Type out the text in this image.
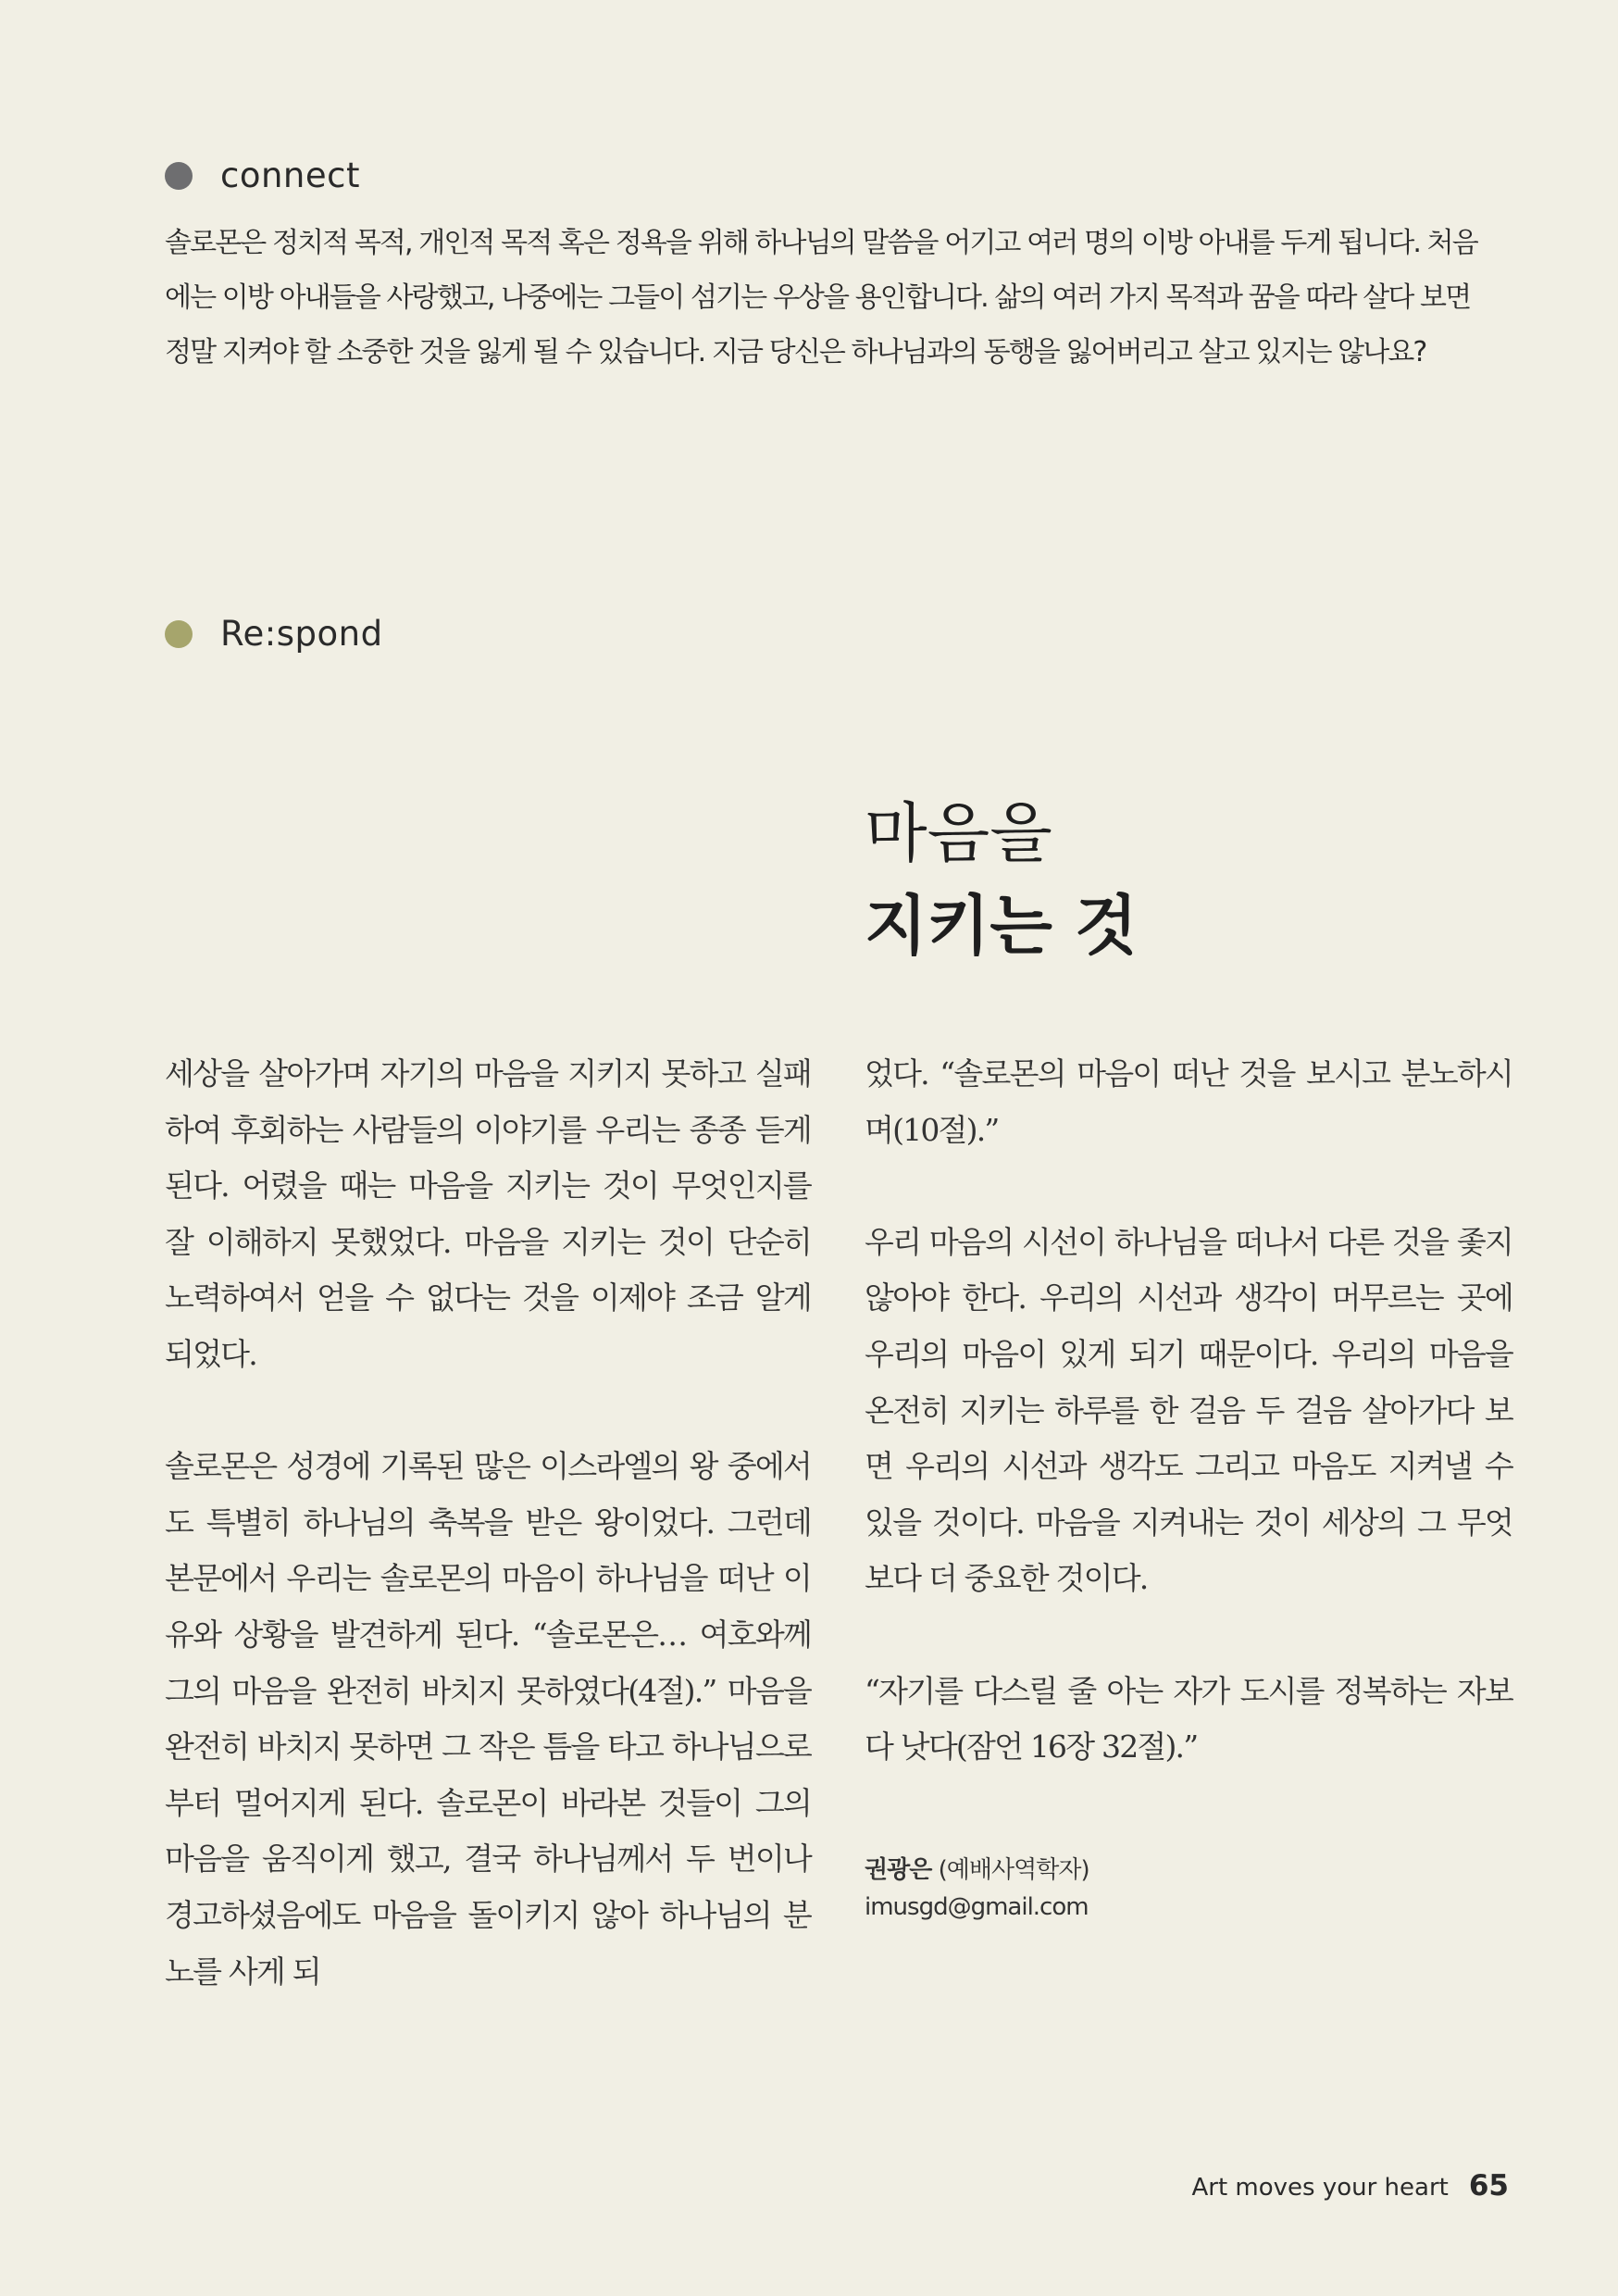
connect
솔로몬은 정치적 목적, 개인적 목적 혹은 정욕을 위해 하나님의 말씀을 어기고 여러 명의 이방 아내를 두게 됩니다. 처음
에는 이방 아내들을 사랑했고, 나중에는 그들이 섬기는 우상을 용인합니다. 삶의 여러 가지 목적과 꿈을 따라 살다 보면
정말 지켜야 할 소중한 것을 잃게 될 수 있습니다. 지금 당신은 하나님과의 동행을 잃어버리고 살고 있지는 않나요?
Re:spond
마음을
지키는 것

세상을 살아가며 자기의 마음을 지키지 못하고 실패하여 후회하는 사람들의 이야기를 우리는 종종 듣게 된다. 어렸을 때는 마음을 지키는 것이 무엇인지를 잘 이해하지 못했었다. 마음을 지키는 것이 단순히 노력하여서 얻을 수 없다는 것을 이제야 조금 알게 되었다.

솔로몬은 성경에 기록된 많은 이스라엘의 왕 중에서도 특별히 하나님의 축복을 받은 왕이었다. 그런데 본문에서 우리는 솔로몬의 마음이 하나님을 떠난 이유와 상황을 발견하게 된다. “솔로몬은… 여호와께 그의 마음을 완전히 바치지 못하였다(4절).” 마음을 완전히 바치지 못하면 그 작은 틈을 타고 하나님으로부터 멀어지게 된다. 솔로몬이 바라본 것들이 그의 마음을 움직이게 했고, 결국 하나님께서 두 번이나 경고하셨음에도 마음을 돌이키지 않아 하나님의 분노를 사게 되

었다. “솔로몬의 마음이 떠난 것을 보시고 분노하시며(10절).”

우리 마음의 시선이 하나님을 떠나서 다른 것을 좇지 않아야 한다. 우리의 시선과 생각이 머무르는 곳에 우리의 마음이 있게 되기 때문이다. 우리의 마음을 온전히 지키는 하루를 한 걸음 두 걸음 살아가다 보면 우리의 시선과 생각도 그리고 마음도 지켜낼 수 있을 것이다. 마음을 지켜내는 것이 세상의 그 무엇보다 더 중요한 것이다.

“자기를 다스릴 줄 아는 자가 도시를 정복하는 자보다 낫다(잠언 16장 32절).”

권광은 (예배사역학자)
imusgd@gmail.com
Art moves your heart 65
